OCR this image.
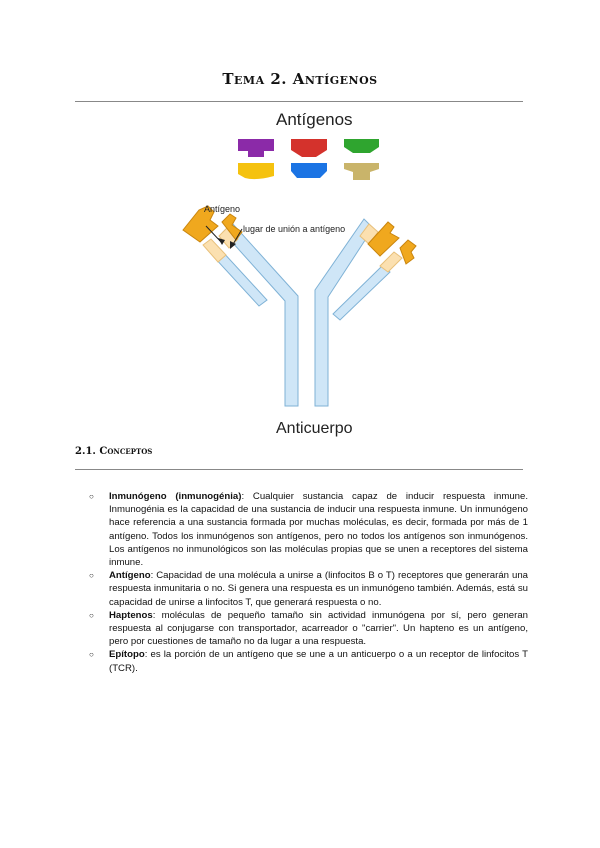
Tema 2. Antígenos
Antígenos
Antígeno
lugar de unión a antígeno
Anticuerpo
2.1. Conceptos
○ Inmunógeno (inmunogénia): Cualquier sustancia capaz de inducir respuesta inmune. Inmunogénia es la capacidad de una sustancia de inducir una respuesta inmune. Un inmunógeno hace referencia a una sustancia formada por muchas moléculas, es decir, formada por más de 1 antígeno. Todos los inmunógenos son antígenos, pero no todos los antígenos son inmunógenos. Los antígenos no inmunológicos son las moléculas propias que se unen a receptores del sistema inmune.
○ Antígeno: Capacidad de una molécula a unirse a (linfocitos B o T) receptores que generarán una respuesta inmunitaria o no. Si genera una respuesta es un inmunógeno también. Además, está su capacidad de unirse a linfocitos T, que generará respuesta o no.
○ Haptenos: moléculas de pequeño tamaño sin actividad inmunógena por sí, pero generan respuesta al conjugarse con transportador, acarreador o "carrier". Un hapteno es un antígeno, pero por cuestiones de tamaño no da lugar a una respuesta.
○ Epítopo: es la porción de un antígeno que se une a un anticuerpo o a un receptor de linfocitos T (TCR).
